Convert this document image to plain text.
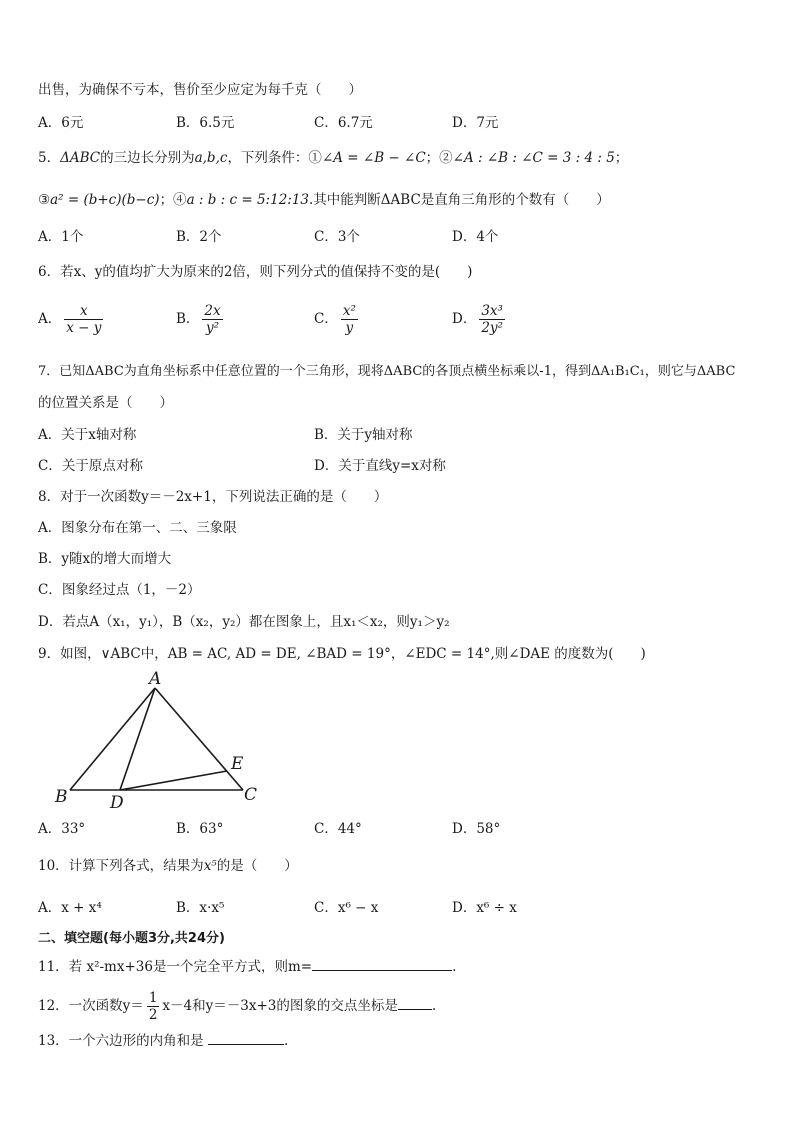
出售，为确保不亏本，售价至少应定为每千克（　　）
A．6元	B．6.5元	C．6.7元	D．7元
5．ΔABC的三边长分别为a,b,c，下列条件：①∠A = ∠B − ∠C；②∠A : ∠B : ∠C = 3 : 4 : 5；
③a² = (b+c)(b−c)；④a : b : c = 5:12:13.其中能判断ΔABC是直角三角形的个数有（　　）
A．1个	B．2个	C．3个	D．4个
6．若x、y的值均扩大为原来的2倍，则下列分式的值保持不变的是(　　)
A． $\frac{x}{x - y}$	B． $\frac{2x}{\text{y²}}$	C． $\frac{\text{x²}}{y}$	D． $\frac{\text{3x³}}{\text{2y²}}$
7．已知ΔABC为直角坐标系中任意位置的一个三角形，现将ΔABC的各顶点横坐标乘以-1，得到ΔA₁B₁C₁，则它与ΔABC
的位置关系是（　　）
A．关于x轴对称	B．关于y轴对称
C．关于原点对称	D．关于直线y=x对称
8．对于一次函数y＝－2x+1，下列说法正确的是（　　）
A．图象分布在第一、二、三象限
B．y随x的增大而增大
C．图象经过点（1，－2）
D．若点A（x₁，y₁），B（x₂，y₂）都在图象上，且x₁＜x₂，则y₁＞y₂
9．如图，∨ABC中，AB = AC, AD = DE, ∠BAD = 19°，∠EDC = 14°,则∠DAE 的度数为(　　)
A
B	C
D
E
A．33°	B．63°	C．44°	D．58°
10．计算下列各式，结果为x⁵的是（　　）
A．x + x⁴	B．x·x⁵	C．x⁶ − x	D．x⁶ ÷ x
二、填空题(每小题3分,共24分)
11．若 x²-mx+36是一个完全平方式，则m=	.
12．一次函数$y= \frac{1}{2} x-4$和y＝－3x+3的图象的交点坐标是	.
13．一个六边形的内角和是	.
